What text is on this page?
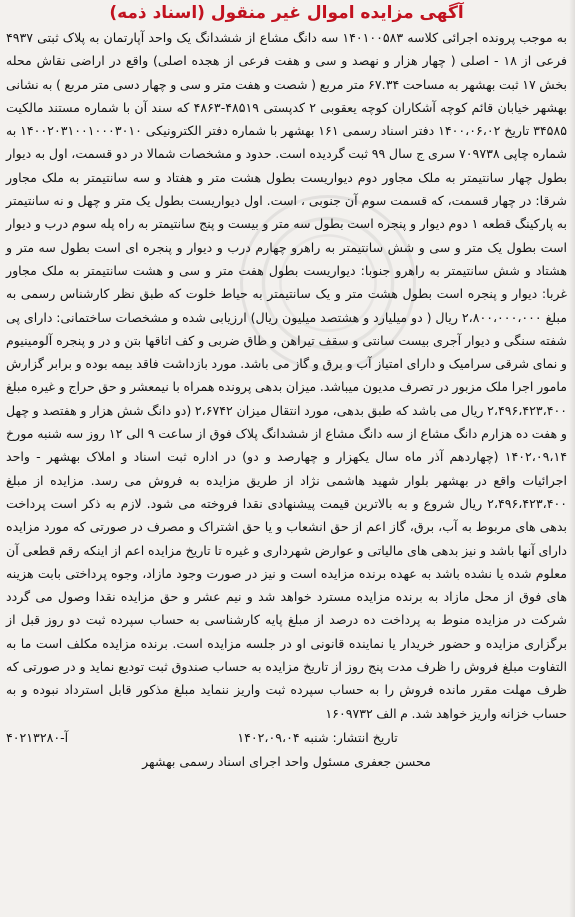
آگهی مزایده اموال غیر منقول (اسناد ذمه)

به موجب پرونده اجرائی کلاسه ۱۴۰۱۰۰۵۸۳ سه دانگ مشاع از ششدانگ یک واحد آپارتمان به پلاک ثبتی ۴۹۳۷ فرعی از ۱۸ - اصلی ( چهار هزار و نهصد و سی و هفت فرعی از هجده اصلی) واقع در اراضی نقاش محله بخش ۱۷ ثبت بهشهر به مساحت ۶۷.۳۴ متر مربع ( شصت و هفت متر و سی و چهار دسی متر مربع ) به نشانی بهشهر خیابان قائم کوچه آشکاران کوچه یعقوبی ۲ کدپستی ۴۸۵۱۹-۴۸۶۳ که سند آن با شماره مستند مالکیت ۳۴۵۸۵ تاریخ ۱۴۰۰،۰۶،۰۲ دفتر اسناد رسمی ۱۶۱ بهشهر با شماره دفتر الکترونیکی ۱۴۰۰۲۰۳۱۰۰۱۰۰۰۳۰۱۰ به شماره چاپی ۷۰۹۷۳۸ سری ج سال ۹۹ ثبت گردیده است. حدود و مشخصات شمالا در دو قسمت، اول به دیوار بطول چهار سانتیمتر به ملک مجاور دوم دیواریست بطول هشت متر و هفتاد و سه سانتیمتر به ملک مجاور شرقا: در چهار قسمت، که قسمت سوم آن جنوبی ، است. اول دیواریست بطول یک متر و چهل و نه سانتیمتر به پارکینگ قطعه ۱ دوم دیوار و پنجره است بطول سه متر و بیست و پنج سانتیمتر به راه پله سوم درب و دیوار است بطول یک متر و سی و شش سانتیمتر به راهرو چهارم درب و دیوار و پنجره ای است بطول سه متر و هشتاد و شش سانتیمتر به راهرو جنوبا: دیواریست بطول هفت متر و سی و هشت سانتیمتر به ملک مجاور غربا: دیوار و پنجره است بطول هشت متر و یک سانتیمتر به حیاط خلوت که طبق نظر کارشناس رسمی به مبلغ ۲،۸۰۰،۰۰۰،۰۰۰ ریال ( دو میلیارد و هشتصد میلیون ریال) ارزیابی شده و مشخصات ساختمانی: دارای پی شفته سنگی و دیوار آجری بیست سانتی و سقف تیراهن و طاق ضربی و کف اتاقها بتن و در و پنجره آلومینیوم و نمای شرقی سرامیک و دارای امتیاز آب و برق و گاز می باشد. مورد بازداشت فاقد بیمه بوده و برابر گزارش مامور اجرا ملک مزبور در تصرف مدیون میباشد. میزان بدهی پرونده همراه با نیمعشر و حق حراج و غیره مبلغ ۲،۴۹۶،۴۲۳،۴۰۰ ریال می باشد که طبق بدهی، مورد انتقال میزان ۲،۶۷۴۲ (دو دانگ شش هزار و هفتصد و چهل و هفت ده هزارم دانگ مشاع از سه دانگ مشاع از ششدانگ پلاک فوق از ساعت ۹ الی ۱۲ روز سه شنبه مورخ ۱۴۰۲،۰۹،۱۴ (چهاردهم آذر ماه سال یکهزار و چهارصد و دو) در اداره ثبت اسناد و املاک بهشهر - واحد اجرائیات واقع در بهشهر بلوار شهید هاشمی نژاد از طریق مزایده به فروش می رسد. مزایده از مبلغ ۲،۴۹۶،۴۲۳،۴۰۰ ریال شروع و به بالاترین قیمت پیشنهادی نقدا فروخته می شود. لازم به ذکر است پرداخت بدهی های مربوط به آب، برق، گاز اعم از حق انشعاب و یا حق اشتراک و مصرف در صورتی که مورد مزایده دارای آنها باشد و نیز بدهی های مالیاتی و عوارض شهرداری و غیره تا تاریخ مزایده اعم از اینکه رقم قطعی آن معلوم شده یا نشده باشد به عهده برنده مزایده است و نیز در صورت وجود مازاد، وجوه پرداختی بابت هزینه های فوق از محل مازاد به برنده مزایده مسترد خواهد شد و نیم عشر و حق مزایده نقدا وصول می گردد شرکت در مزایده منوط به پرداخت ده درصد از مبلغ پایه کارشناسی به حساب سپرده ثبت دو روز قبل از برگزاری مزایده و حضور خریدار یا نماینده قانونی او در جلسه مزایده است. برنده مزایده مکلف است ما به التفاوت مبلغ فروش را ظرف مدت پنج روز از تاریخ مزایده به حساب صندوق ثبت تودیع نماید و در صورتی که ظرف مهلت مقرر مانده فروش را به حساب سپرده ثبت واریز ننماید مبلغ مذکور قابل استرداد نبوده و به حساب خزانه واریز خواهد شد. م الف ۱۶۰۹۷۳۲

تاریخ انتشار: شنبه ۱۴۰۲،۰۹،۰۴
آ-۴۰۲۱۳۲۸۰
محسن جعفری مسئول واحد اجرای اسناد رسمی بهشهر
